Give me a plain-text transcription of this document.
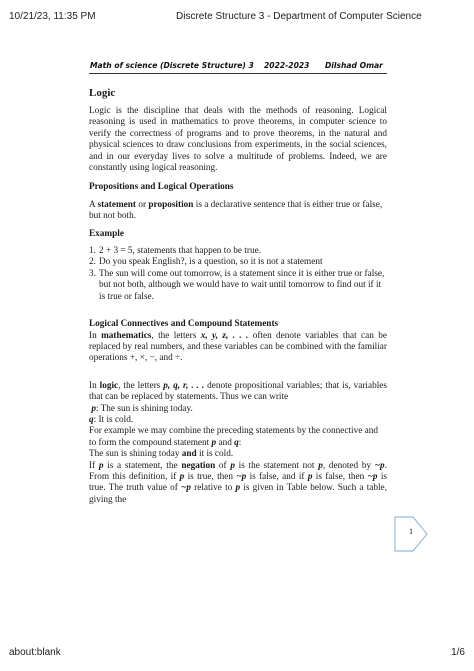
10/21/23, 11:35 PM	Discrete Structure 3 - Department of Computer Science
Math of science (Discrete Structure) 3 2022-2023 Dilshad Omar
Logic

Logic is the discipline that deals with the methods of reasoning. Logical reasoning is used in mathematics to prove theorems, in computer science to verify the correctness of programs and to prove theorems, in the natural and physical sciences to draw conclusions from experiments, in the social sciences, and in our everyday lives to solve a multitude of problems. Indeed, we are constantly using logical reasoning.

Propositions and Logical Operations

A statement or proposition is a declarative sentence that is either true or false, but not both.

Example

1. 2 + 3 = 5, statements that happen to be true.
2. Do you speak English?, is a question, so it is not a statement
3. The sun will come out tomorrow, is a statement since it is either true or false, but not both, although we would have to wait until tomorrow to find out if it is true or false.

Logical Connectives and Compound Statements

In mathematics, the letters x, y, z, . . . often denote variables that can be replaced by real numbers, and these variables can be combined with the familiar operations +, ×, −, and ÷.

In logic, the letters p, q, r, . . . denote propositional variables; that is, variables that can be replaced by statements. Thus we can write

p: The sun is shining today.

q: It is cold.

For example we may combine the preceding statements by the connective and to form the compound statement p and q:

The sun is shining today and it is cold.

If p is a statement, the negation of p is the statement not p, denoted by ~p. From this definition, if p is true, then ~p is false, and if p is false, then ~p is true. The truth value of ~p relative to p is given in Table below. Such a table, giving the

1
about:blank	1/6
